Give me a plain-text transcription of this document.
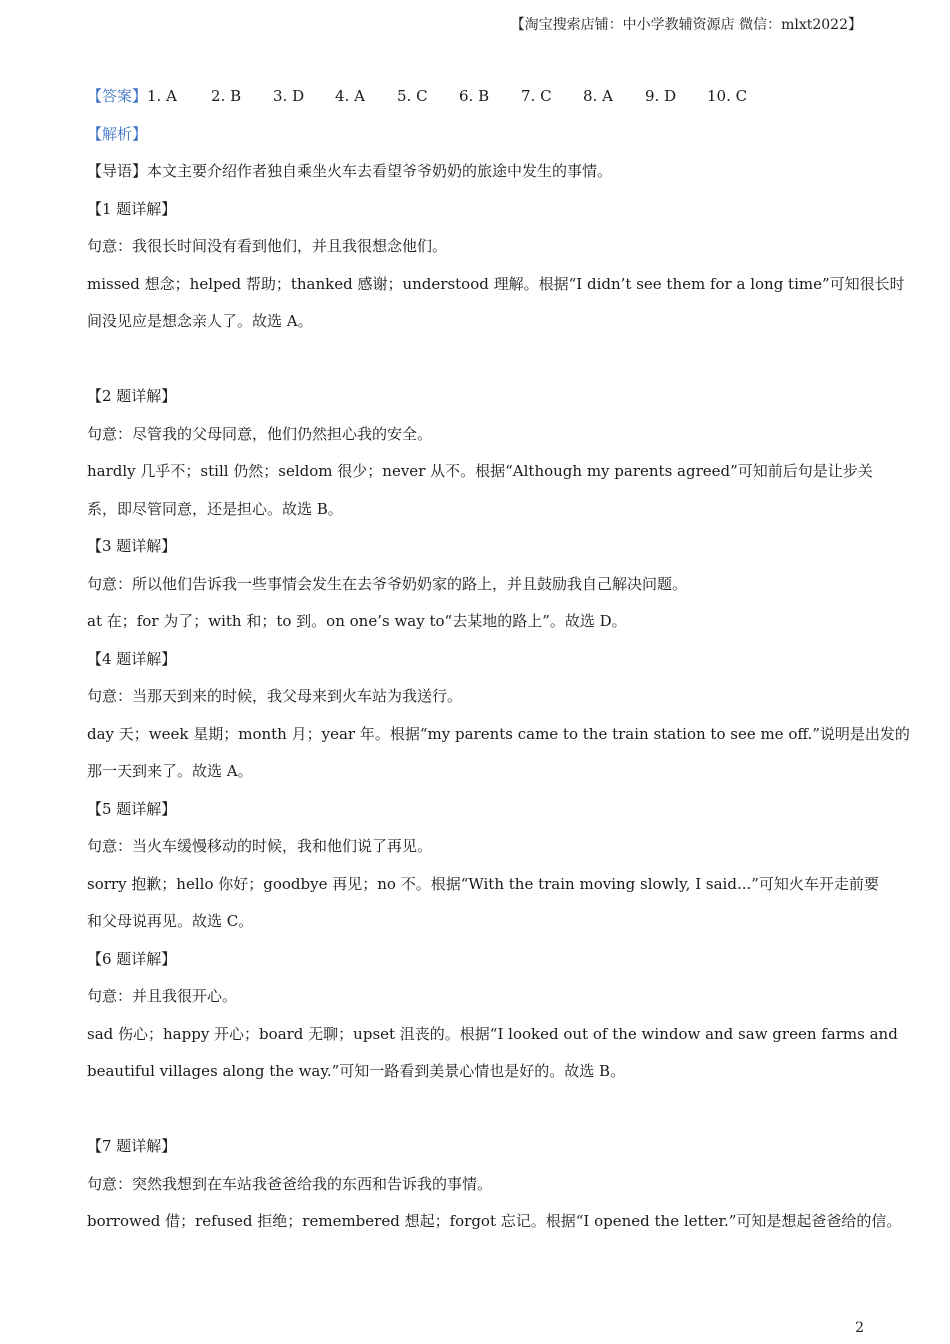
【淘宝搜索店铺：中小学教辅资源店 微信：mlxt2022】
【答案】1. A 2. B 3. D 4. A 5. C 6. B 7. C 8. A 9. D 10. C
【解析】
【导语】本文主要介绍作者独自乘坐火车去看望爷爷奶奶的旅途中发生的事情。
【1 题详解】
句意：我很长时间没有看到他们，并且我很想念他们。
missed 想念；helped 帮助；thanked 感谢；understood 理解。根据“I didn’t see them for a long time”可知很长时
间没见应是想念亲人了。故选 A。
【2 题详解】
句意：尽管我的父母同意，他们仍然担心我的安全。
hardly 几乎不；still 仍然；seldom 很少；never 从不。根据“Although my parents agreed”可知前后句是让步关
系，即尽管同意，还是担心。故选 B。
【3 题详解】
句意：所以他们告诉我一些事情会发生在去爷爷奶奶家的路上，并且鼓励我自己解决问题。
at 在；for 为了；with 和；to 到。on one’s way to“去某地的路上”。故选 D。
【4 题详解】
句意：当那天到来的时候，我父母来到火车站为我送行。
day 天；week 星期；month 月；year 年。根据“my parents came to the train station to see me off.”说明是出发的
那一天到来了。故选 A。
【5 题详解】
句意：当火车缓慢移动的时候，我和他们说了再见。
sorry 抱歉；hello 你好；goodbye 再见；no 不。根据“With the train moving slowly, I said...”可知火车开走前要
和父母说再见。故选 C。
【6 题详解】
句意：并且我很开心。
sad 伤心；happy 开心；board 无聊；upset 沮丧的。根据“I looked out of the window and saw green farms and
beautiful villages along the way.”可知一路看到美景心情也是好的。故选 B。
【7 题详解】
句意：突然我想到在车站我爸爸给我的东西和告诉我的事情。
borrowed 借；refused 拒绝；remembered 想起；forgot 忘记。根据“I opened the letter.”可知是想起爸爸给的信。
2
